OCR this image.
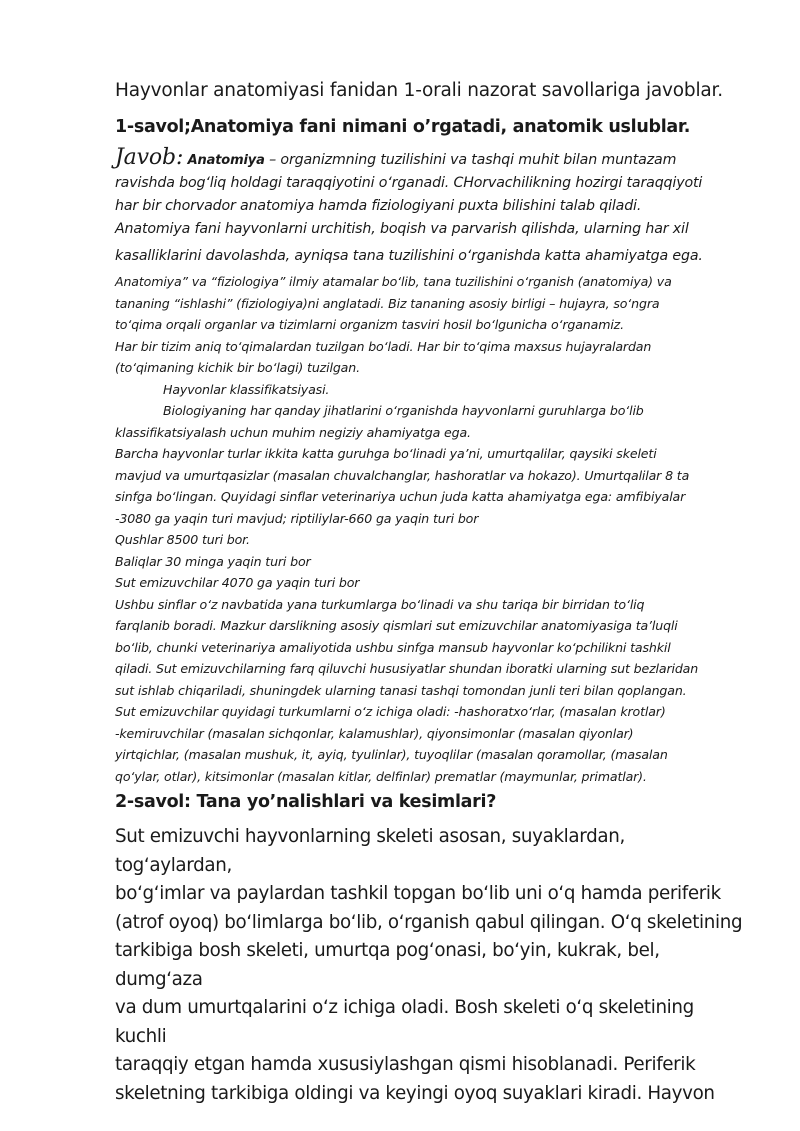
Hayvonlar anatomiyasi fanidan 1-orali nazorat savollariga javoblar.
1-savol;Anatomiya fani nimani o’rgatadi, anatomik uslublar.
Javob: Anatomiya – organizmning tuzilishini va tashqi muhit bilan muntazam
ravishda bog‘liq holdagi taraqqiyotini o‘rganadi. CHorvachilikning hozirgi taraqqiyoti
har bir chorvador anatomiya hamda fiziologiyani puxta bilishini talab qiladi.
Anatomiya fani hayvonlarni urchitish, boqish va parvarish qilishda, ularning har xil
kasalliklarini davolashda, ayniqsa tana tuzilishini o‘rganishda katta ahamiyatga ega.
Anatomiya” va “fiziologiya” ilmiy atamalar bo‘lib, tana tuzilishini o‘rganish (anatomiya) va
tananing “ishlashi” (fiziologiya)ni anglatadi. Biz tananing asosiy birligi – hujayra, so‘ngra
to‘qima orqali organlar va tizimlarni organizm tasviri hosil bo‘lgunicha o‘rganamiz.
Har bir tizim aniq to‘qimalardan tuzilgan bo‘ladi. Har bir to‘qima maxsus hujayralardan
(to‘qimaning kichik bir bo‘lagi) tuzilgan.
Hayvonlar klassifikatsiyasi.
Biologiyaning har qanday jihatlarini o‘rganishda hayvonlarni guruhlarga bo‘lib
klassifikatsiyalash uchun muhim negiziy ahamiyatga ega.
Barcha hayvonlar turlar ikkita katta guruhga bo‘linadi ya’ni, umurtqalilar, qaysiki skeleti
mavjud va umurtqasizlar (masalan chuvalchanglar, hashoratlar va hokazo). Umurtqalilar 8 ta
sinfga bo‘lingan. Quyidagi sinflar veterinariya uchun juda katta ahamiyatga ega: amfibiyalar
-3080 ga yaqin turi mavjud; riptiliylar-660 ga yaqin turi bor
Qushlar 8500 turi bor.
Baliqlar 30 minga yaqin turi bor
Sut emizuvchilar 4070 ga yaqin turi bor
Ushbu sinflar o‘z navbatida yana turkumlarga bo‘linadi va shu tariqa bir birridan to‘liq
farqlanib boradi. Mazkur darslikning asosiy qismlari sut emizuvchilar anatomiyasiga ta’luqli
bo‘lib, chunki veterinariya amaliyotida ushbu sinfga mansub hayvonlar ko‘pchilikni tashkil
qiladi. Sut emizuvchilarning farq qiluvchi hususiyatlar shundan iboratki ularning sut bezlaridan
sut ishlab chiqariladi, shuningdek ularning tanasi tashqi tomondan junli teri bilan qoplangan.
Sut emizuvchilar quyidagi turkumlarni o‘z ichiga oladi: -hashoratxo‘rlar, (masalan krotlar)
-kemiruvchilar (masalan sichqonlar, kalamushlar), qiyonsimonlar (masalan qiyonlar)
yirtqichlar, (masalan mushuk, it, ayiq, tyulinlar), tuyoqlilar (masalan qoramollar, (masalan
qo‘ylar, otlar), kitsimonlar (masalan kitlar, delfinlar) prematlar (maymunlar, primatlar).
2-savol: Tana yo’nalishlari va kesimlari?
Sut emizuvchi hayvonlarning skeleti asosan, suyaklardan, tog‘aylardan,
bo‘g‘imlar va paylardan tashkil topgan bo‘lib uni o‘q hamda periferik
(atrof oyoq) bo‘limlarga bo‘lib, o‘rganish qabul qilingan. O‘q skeletining
tarkibiga bosh skeleti, umurtqa pog‘onasi, bo‘yin, kukrak, bel, dumg‘aza
va dum umurtqalarini o‘z ichiga oladi. Bosh skeleti o‘q skeletining kuchli
taraqqiy etgan hamda xususiylashgan qismi hisoblanadi. Periferik
skeletning tarkibiga oldingi va keyingi oyoq suyaklari kiradi. Hayvon
